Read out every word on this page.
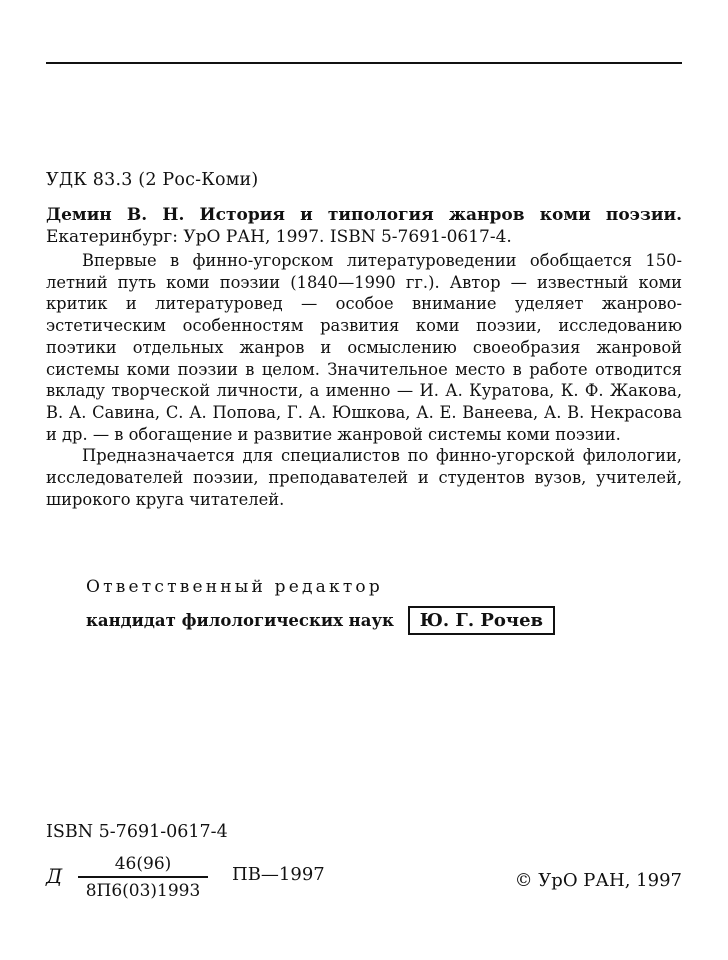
УДК 83.3 (2 Рос-Коми)
Демин В. Н. История и типология жанров коми поэзии. Екатеринбург: УрО РАН, 1997. ISBN 5-7691-0617-4.

Впервые в финно-угорском литературоведении обобщается 150-летний путь коми поэзии (1840—1990 гг.). Автор — известный коми критик и литературовед — особое внимание уделяет жанрово-эстетическим особенностям развития коми поэзии, исследованию поэтики отдельных жанров и осмыслению своеобразия жанровой системы коми поэзии в целом. Значительное место в работе отводится вкладу творческой личности, а именно — И. А. Куратова, К. Ф. Жакова, В. А. Савина, С. А. Попова, Г. А. Юшкова, А. Е. Ванеева, А. В. Некрасова и др. — в обогащение и развитие жанровой системы коми поэзии.

Предназначается для специалистов по финно-угорской филологии, исследователей поэзии, преподавателей и студентов вузов, учителей, широкого круга читателей.

Ответственный редактор
кандидат филологических наук Ю. Г. Рочев
ISBN 5-7691-0617-4
Д	46(96)
8П6(03)1993
ПВ—1997	© УрО РАН, 1997
